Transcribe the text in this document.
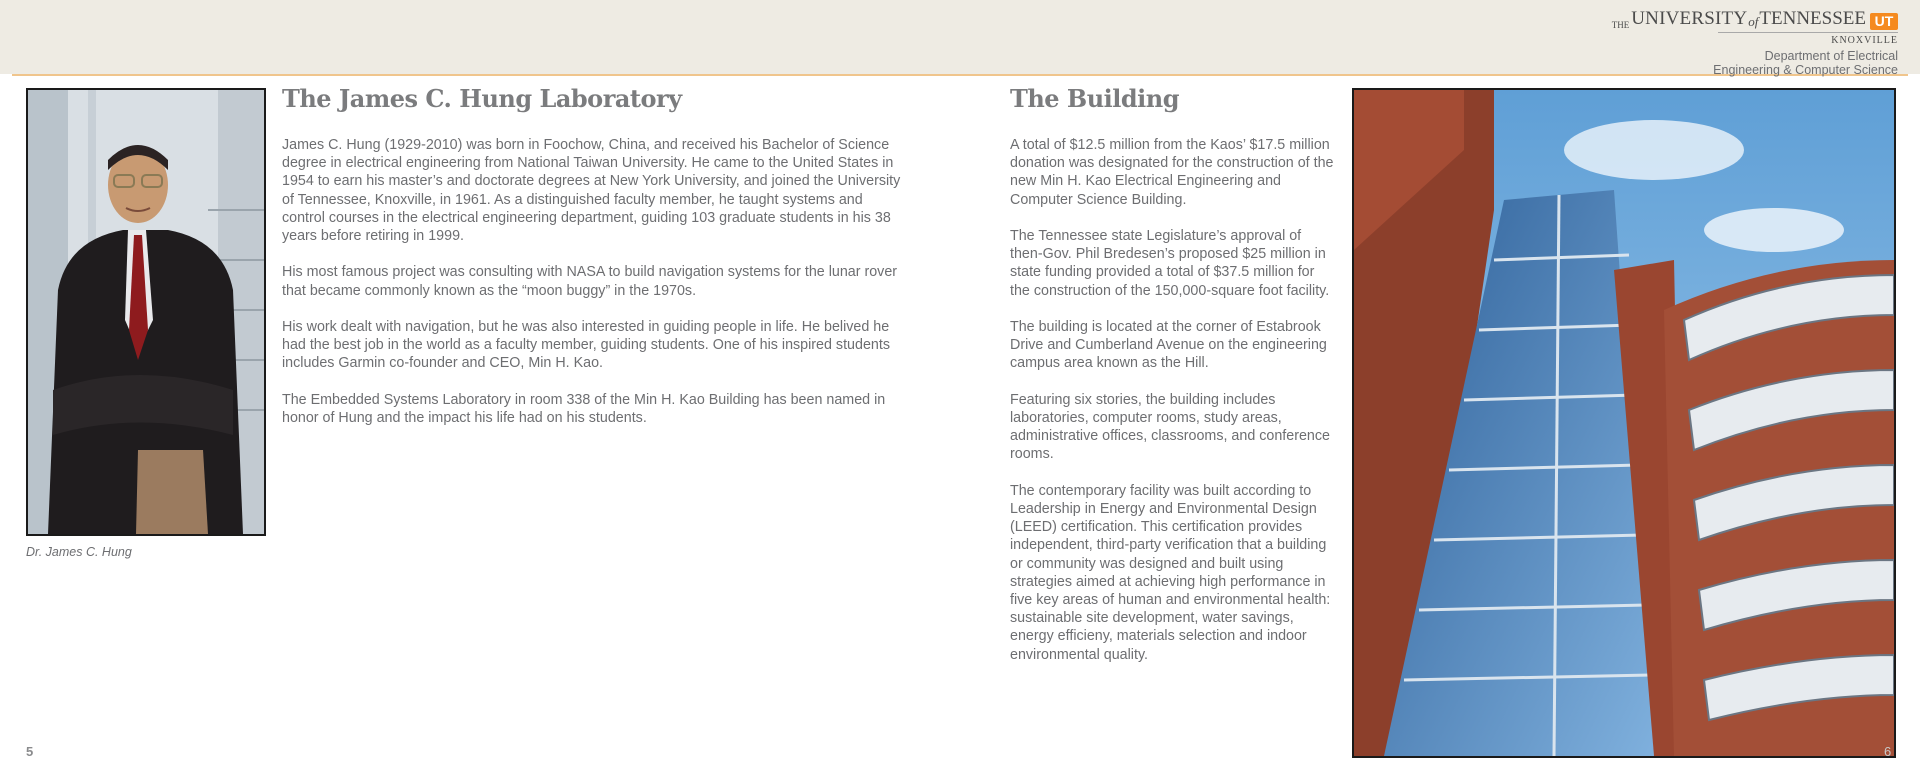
THE UNIVERSITY of TENNESSEE UT
KNOXVILLE
Department of Electrical
Engineering & Computer Science
Dr. James C. Hung
The James C. Hung Laboratory

James C. Hung (1929-2010) was born in Foochow, China, and received his Bachelor of Science degree in electrical engineering from National Taiwan University. He came to the United States in 1954 to earn his master’s and doctorate degrees at New York University, and joined the University of Tennessee, Knoxville, in 1961. As a distinguished faculty member, he taught systems and control courses in the electrical engineering department, guiding 103 graduate students in his 38 years before retiring in 1999.

His most famous project was consulting with NASA to build navigation systems for the lunar rover that became commonly known as the “moon buggy” in the 1970s.

His work dealt with navigation, but he was also interested in guiding people in life. He belived he had the best job in the world as a faculty member, guiding students. One of his inspired students includes Garmin co-founder and CEO, Min H. Kao.

The Embedded Systems Laboratory in room 338 of the Min H. Kao Building has been named in honor of Hung and the impact his life had on his students.

5
The Building

A total of $12.5 million from the Kaos’ $17.5 million donation was designated for the construction of the new Min H. Kao Electrical Engineering and Computer Science Building.

The Tennessee state Legislature’s approval of then-Gov. Phil Bredesen’s proposed $25 million in state funding provided a total of $37.5 million for the construction of the 150,000-square foot facility.

The building is located at the corner of Estabrook Drive and Cumberland Avenue on the engineering campus area known as the Hill.

Featuring six stories, the building includes laboratories, computer rooms, study areas, administrative offices, classrooms, and conference rooms.

The contemporary facility was built according to Leadership in Energy and Environmental Design (LEED) certification. This certification provides independent, third-party verification that a building or community was designed and built using strategies aimed at achieving high performance in five key areas of human and environmental health: sustainable site development, water savings, energy efficieny, materials selection and indoor environmental quality.

6
